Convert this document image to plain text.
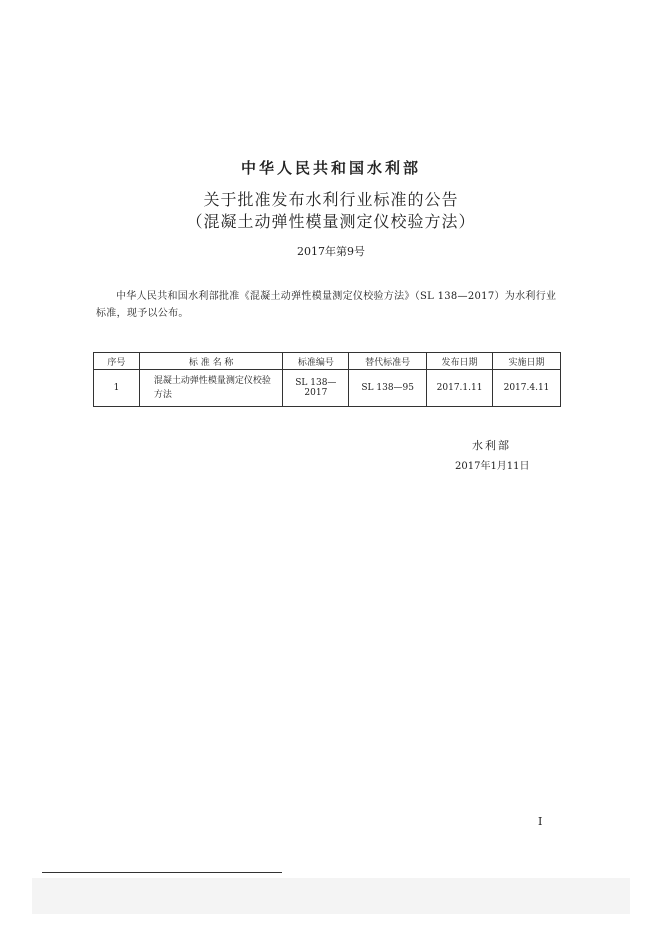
中华人民共和国水利部
关于批准发布水利行业标准的公告
（混凝土动弹性模量测定仪校验方法）
2017年第9号
中华人民共和国水利部批准《混凝土动弹性模量测定仪校验方法》（SL 138—2017）为水利行业标准，现予以公布。
序号	标 准 名 称	标准编号	替代标准号	发布日期	实施日期
1	混凝土动弹性模量测定仪校验方法	SL 138—2017	SL 138—95	2017.1.11	2017.4.11
水利部
2017年1月11日
I
